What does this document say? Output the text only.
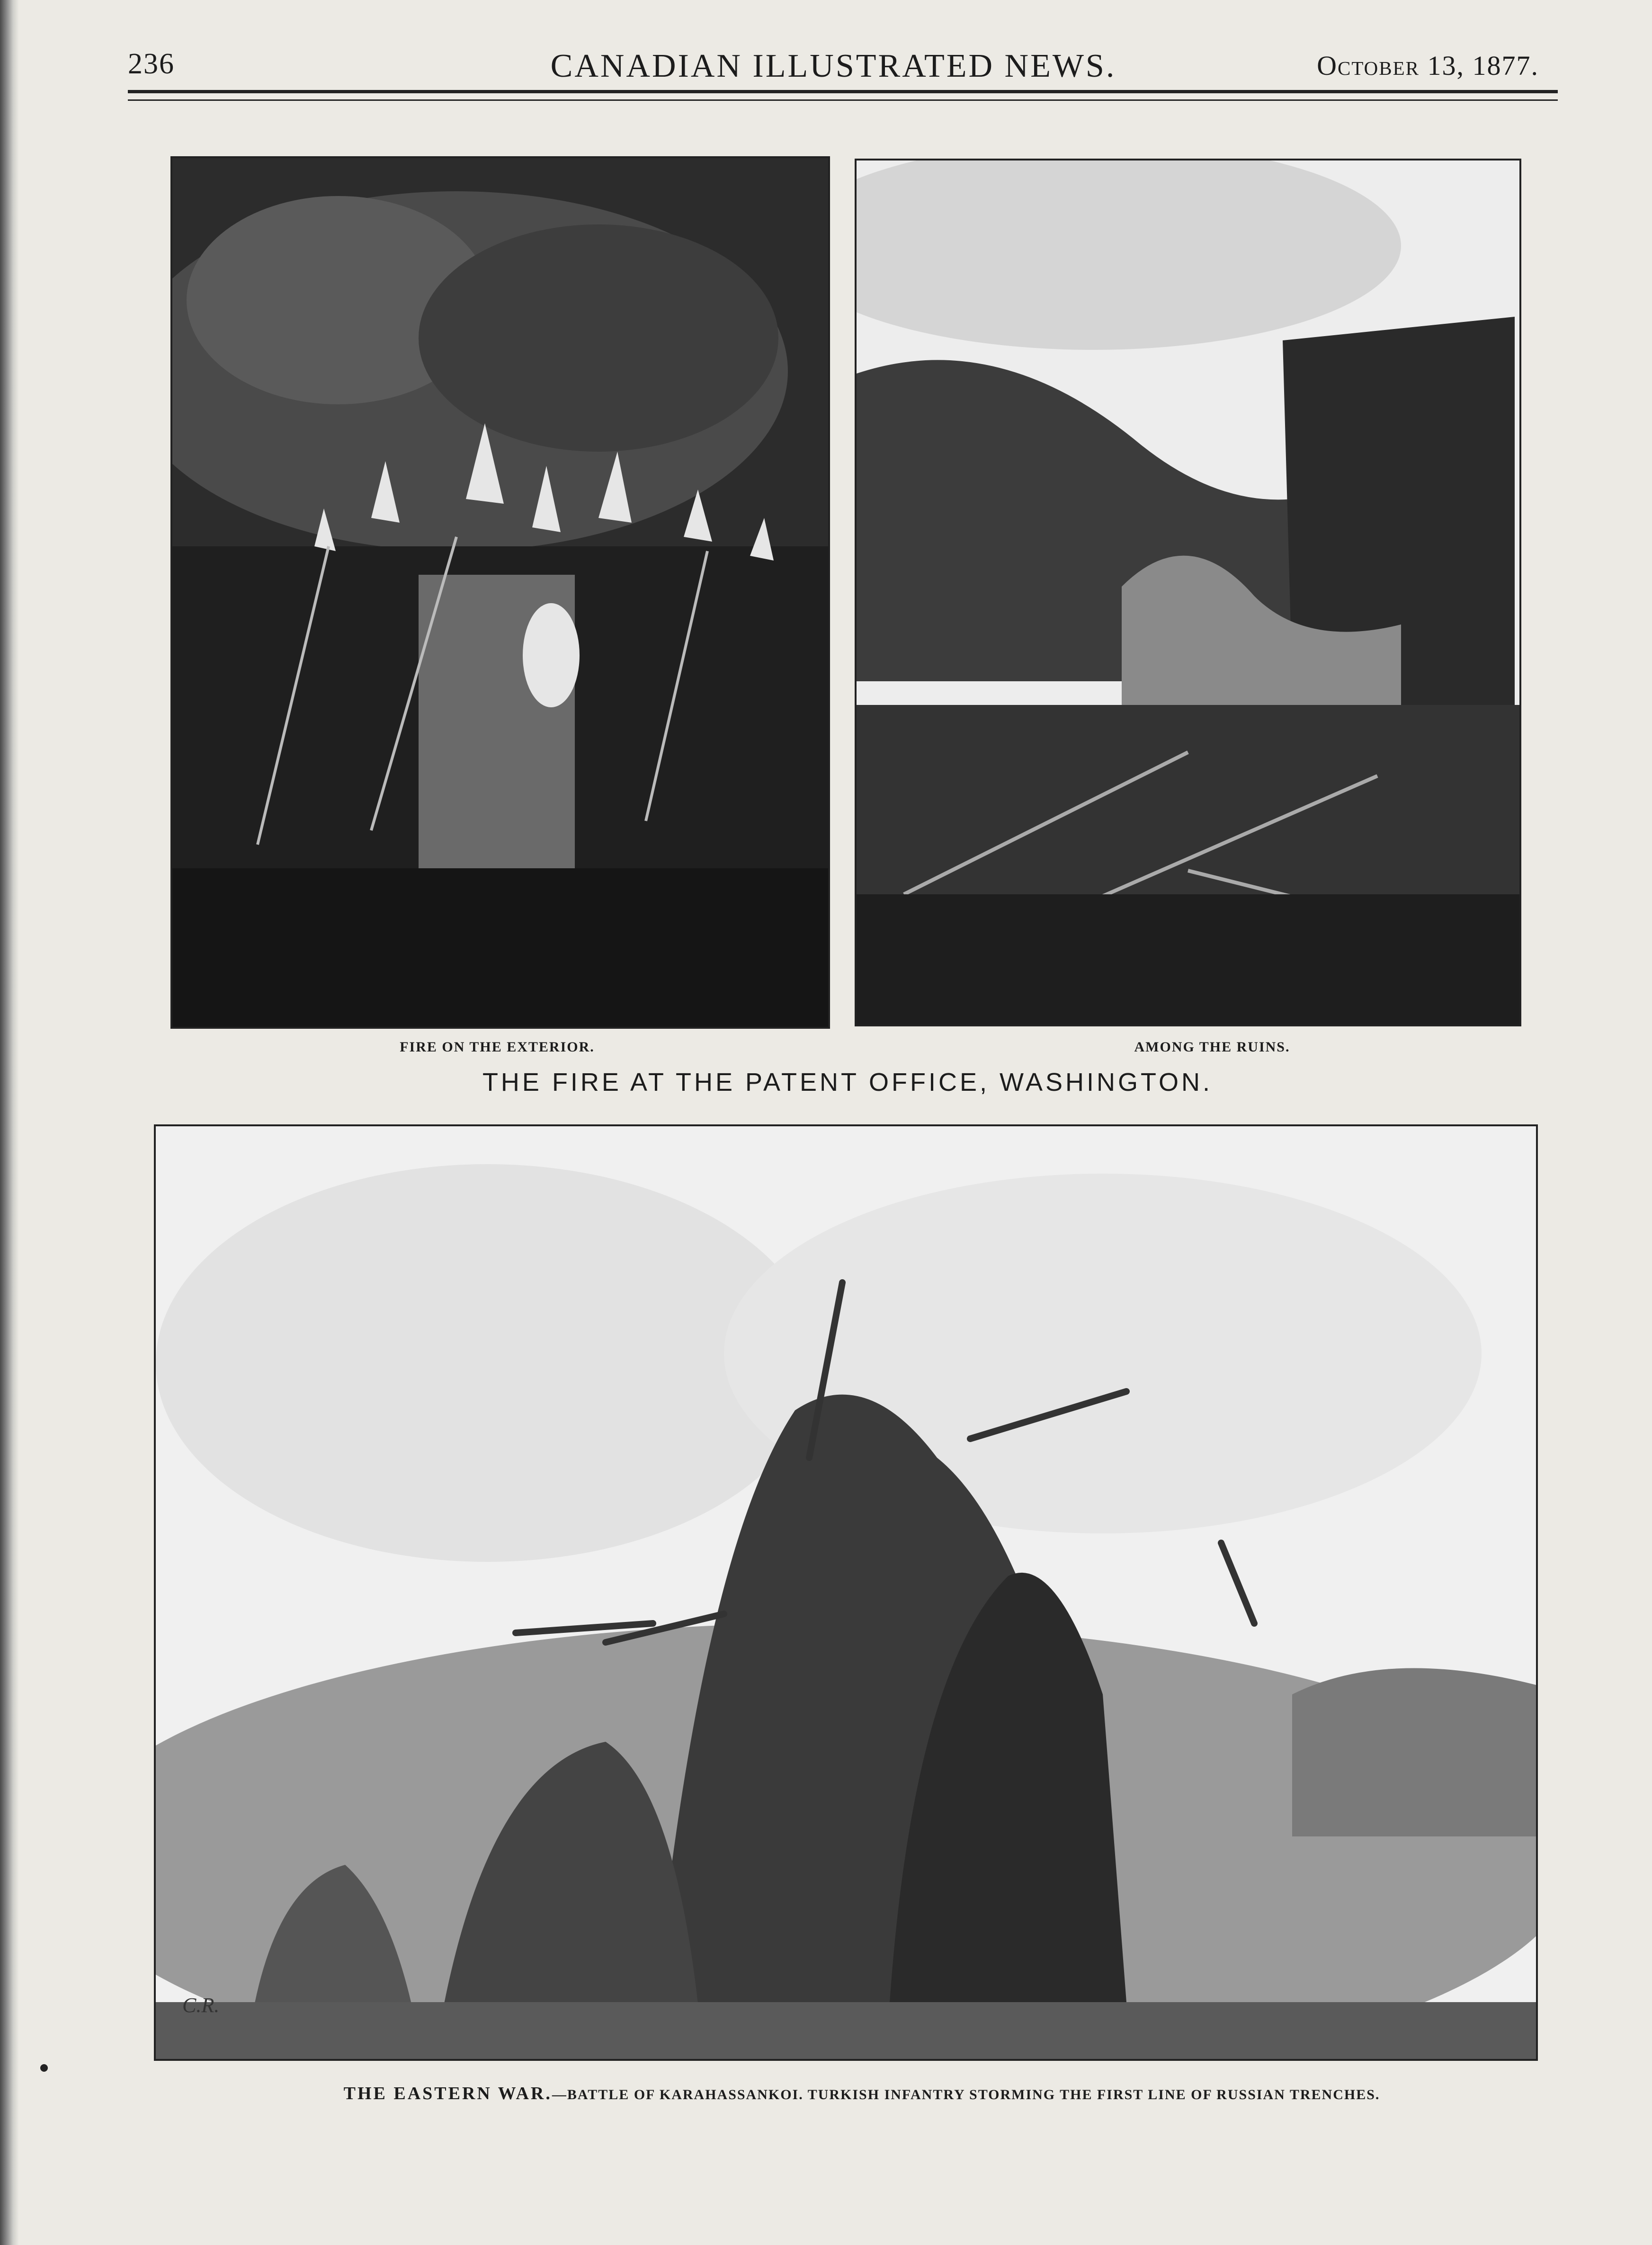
236	CANADIAN ILLUSTRATED NEWS.	October 13, 1877.
FIRE ON THE EXTERIOR.	AMONG THE RUINS.
THE FIRE AT THE PATENT OFFICE, WASHINGTON.
C.R.
THE EASTERN WAR.—BATTLE OF KARAHASSANKOI. TURKISH INFANTRY STORMING THE FIRST LINE OF RUSSIAN TRENCHES.
